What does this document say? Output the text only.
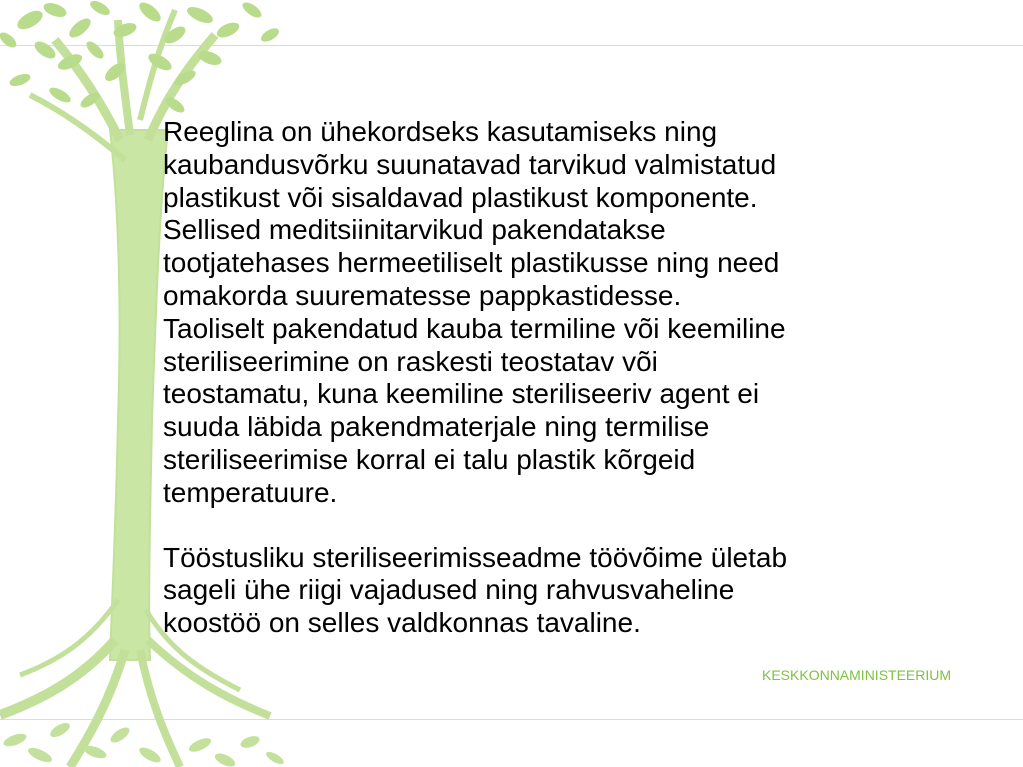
Reeglina on ühekordseks kasutamiseks ning
kaubandusvõrku suunatavad tarvikud valmistatud
plastikust või sisaldavad plastikust komponente.
Sellised meditsiinitarvikud pakendatakse
tootjatehases hermeetiliselt plastikusse ning need
omakorda suurematesse pappkastidesse.
Taoliselt pakendatud kauba termiline või keemiline
steriliseerimine on raskesti teostatav või
teostamatu, kuna keemiline steriliseeriv agent ei
suuda läbida pakendmaterjale ning termilise
steriliseerimise korral ei talu plastik kõrgeid
temperatuure.

Tööstusliku steriliseerimisseadme töövõime ületab
sageli ühe riigi vajadused ning rahvusvaheline
koostöö on selles valdkonnas tavaline.

KESKKONNAMINISTEERIUM
